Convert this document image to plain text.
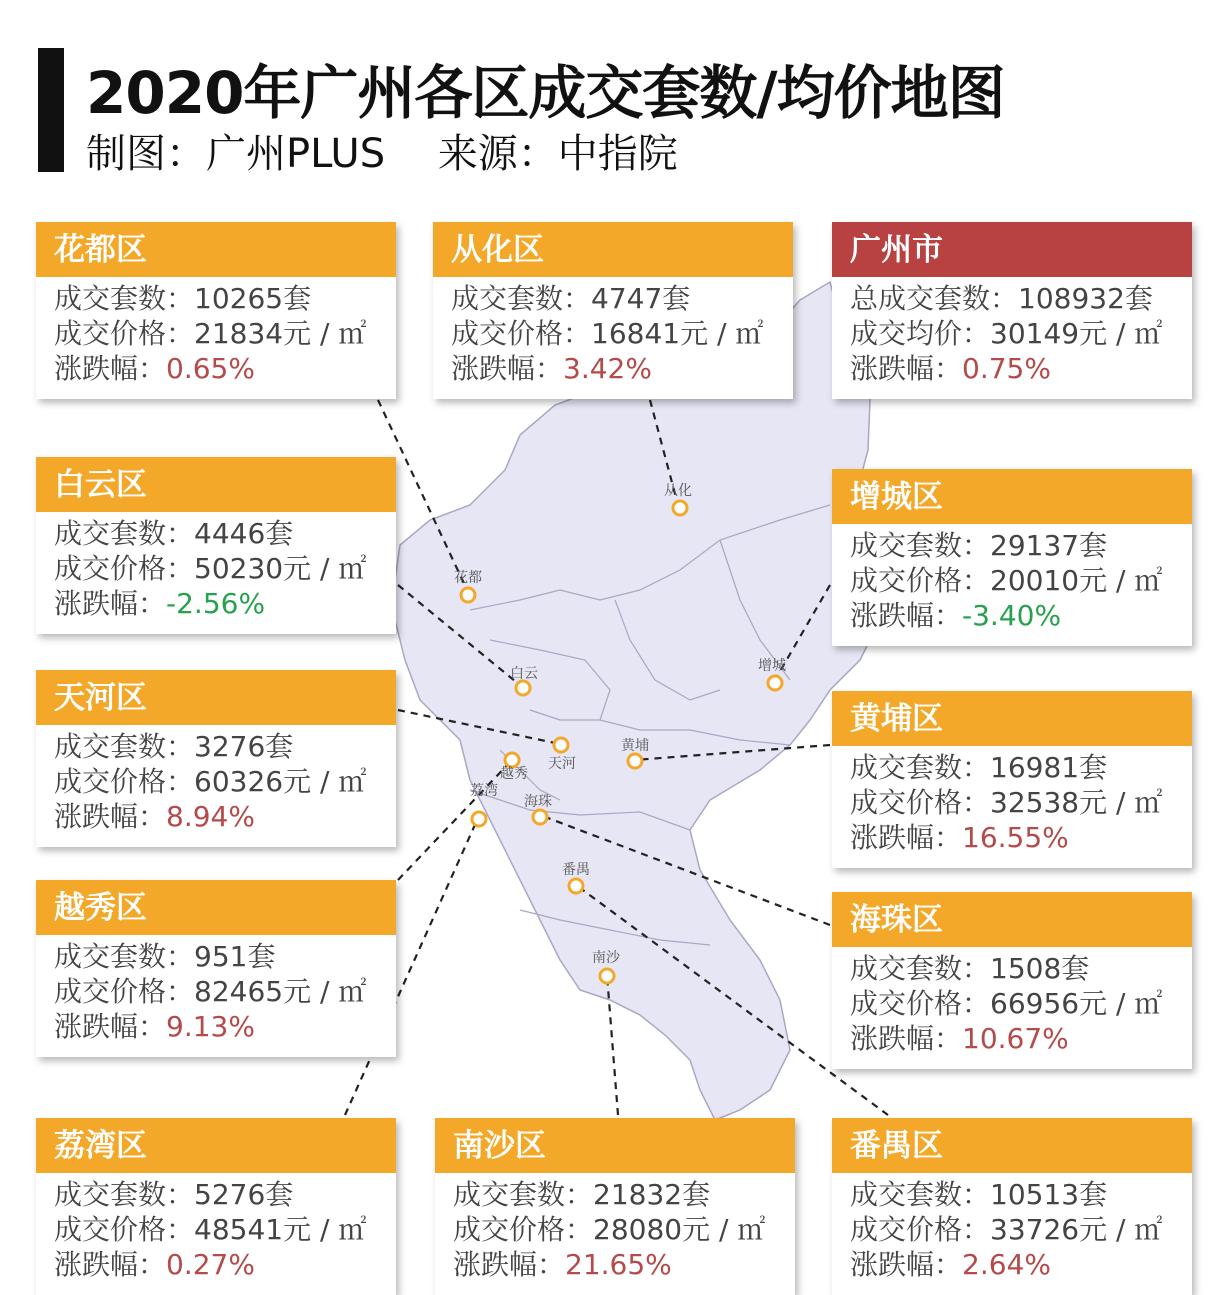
2020年广州各区成交套数/均价地图
制图：广州PLUS 来源：中指院
花都
从化
白云	增城
天河
黄埔
越秀
海珠
荔湾
南沙
番禺
广州市
总成交套数：108932套
成交均价：30149元 / ㎡
涨跌幅：0.75%
花都区
成交套数：10265套
成交价格：21834元 / ㎡
涨跌幅：0.65%
从化区
成交套数：4747套
成交价格：16841元 / ㎡
涨跌幅：3.42%
白云区
成交套数：4446套
成交价格：50230元 / ㎡
涨跌幅：-2.56%
增城区
成交套数：29137套
成交价格：20010元 / ㎡
涨跌幅：-3.40%
天河区
成交套数：3276套
成交价格：60326元 / ㎡
涨跌幅：8.94%
黄埔区
成交套数：16981套
成交价格：32538元 / ㎡
涨跌幅：16.55%
越秀区
成交套数：951套
成交价格：82465元 / ㎡
涨跌幅：9.13%
海珠区
成交套数：1508套
成交价格：66956元 / ㎡
涨跌幅：10.67%
荔湾区
成交套数：5276套
成交价格：48541元 / ㎡
涨跌幅：0.27%
南沙区
成交套数：21832套
成交价格：28080元 / ㎡
涨跌幅：21.65%
番禺区
成交套数：10513套
成交价格：33726元 / ㎡
涨跌幅：2.64%
